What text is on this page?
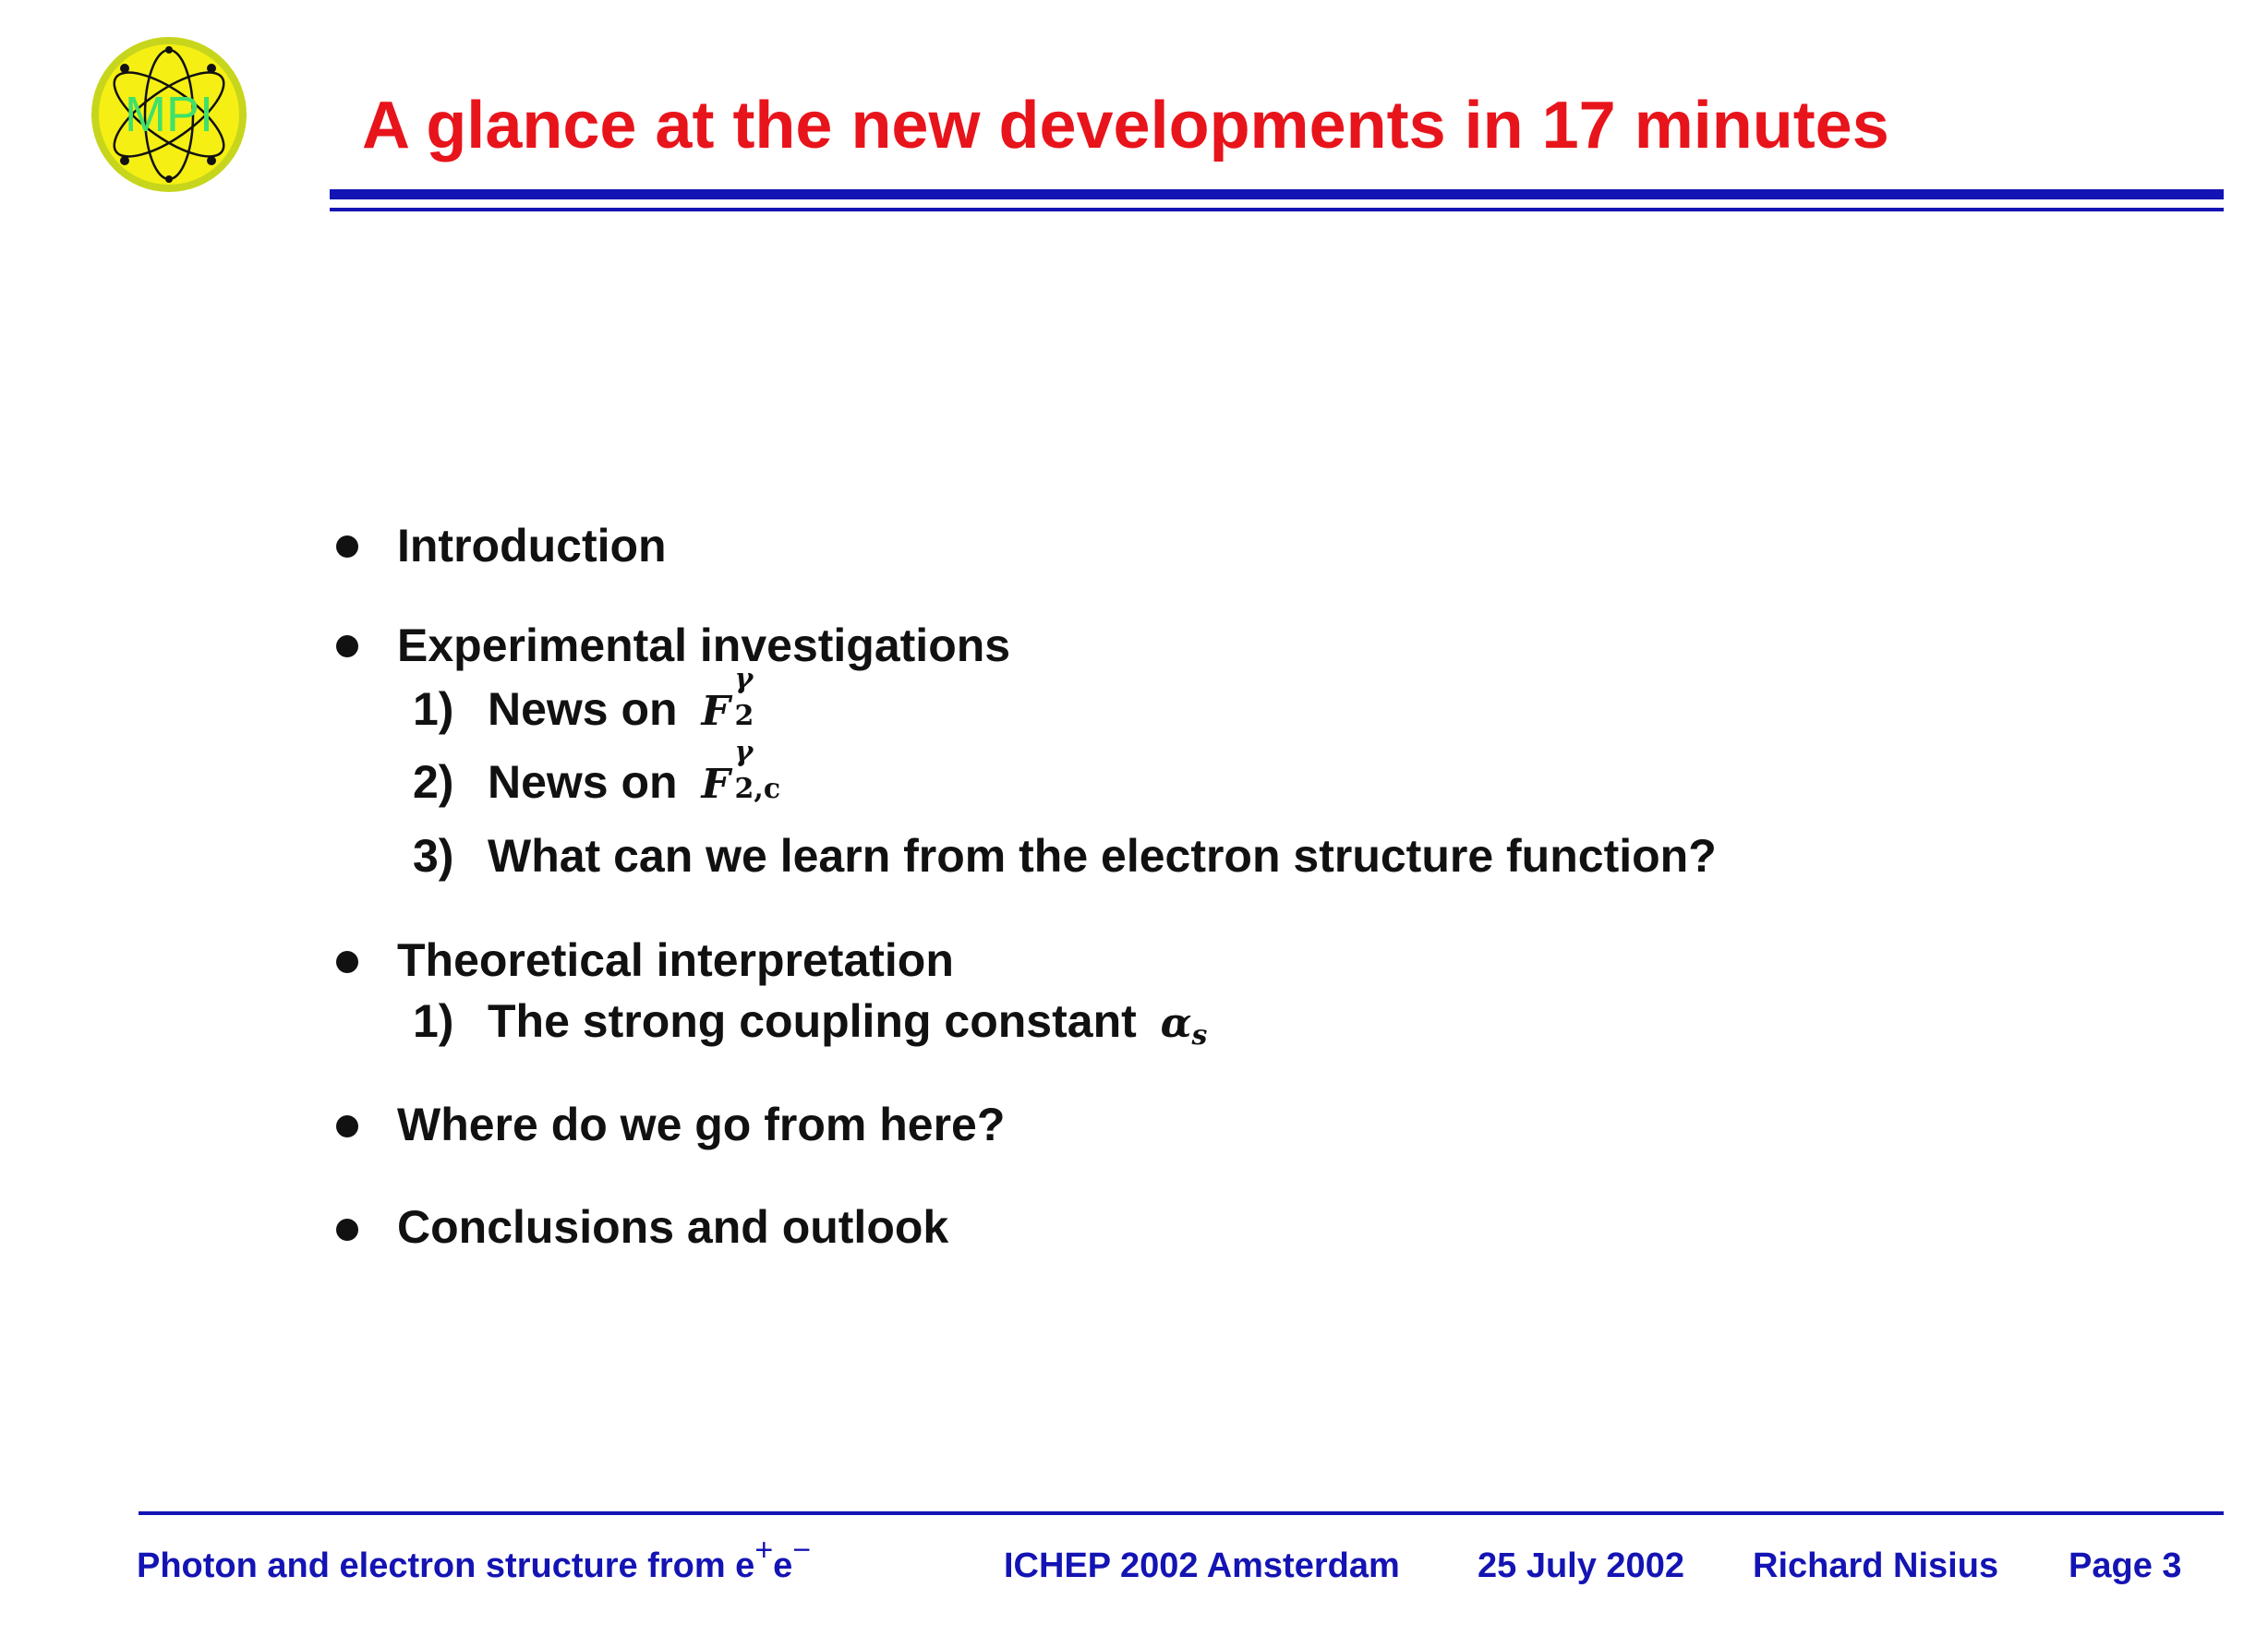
MPI A glance at the new developments in 17 minutes
Introduction
Experimental investigations
1) News on F
γ
2
2) News on F
γ
2,c
3) What can we learn from the electron structure function?
Theoretical interpretation
1) The strong coupling constant αs
Where do we go from here?
Conclusions and outlook
Photon and electron structure from e+e−	ICHEP 2002 Amsterdam 25 July 2002 Richard Nisius Page 3
